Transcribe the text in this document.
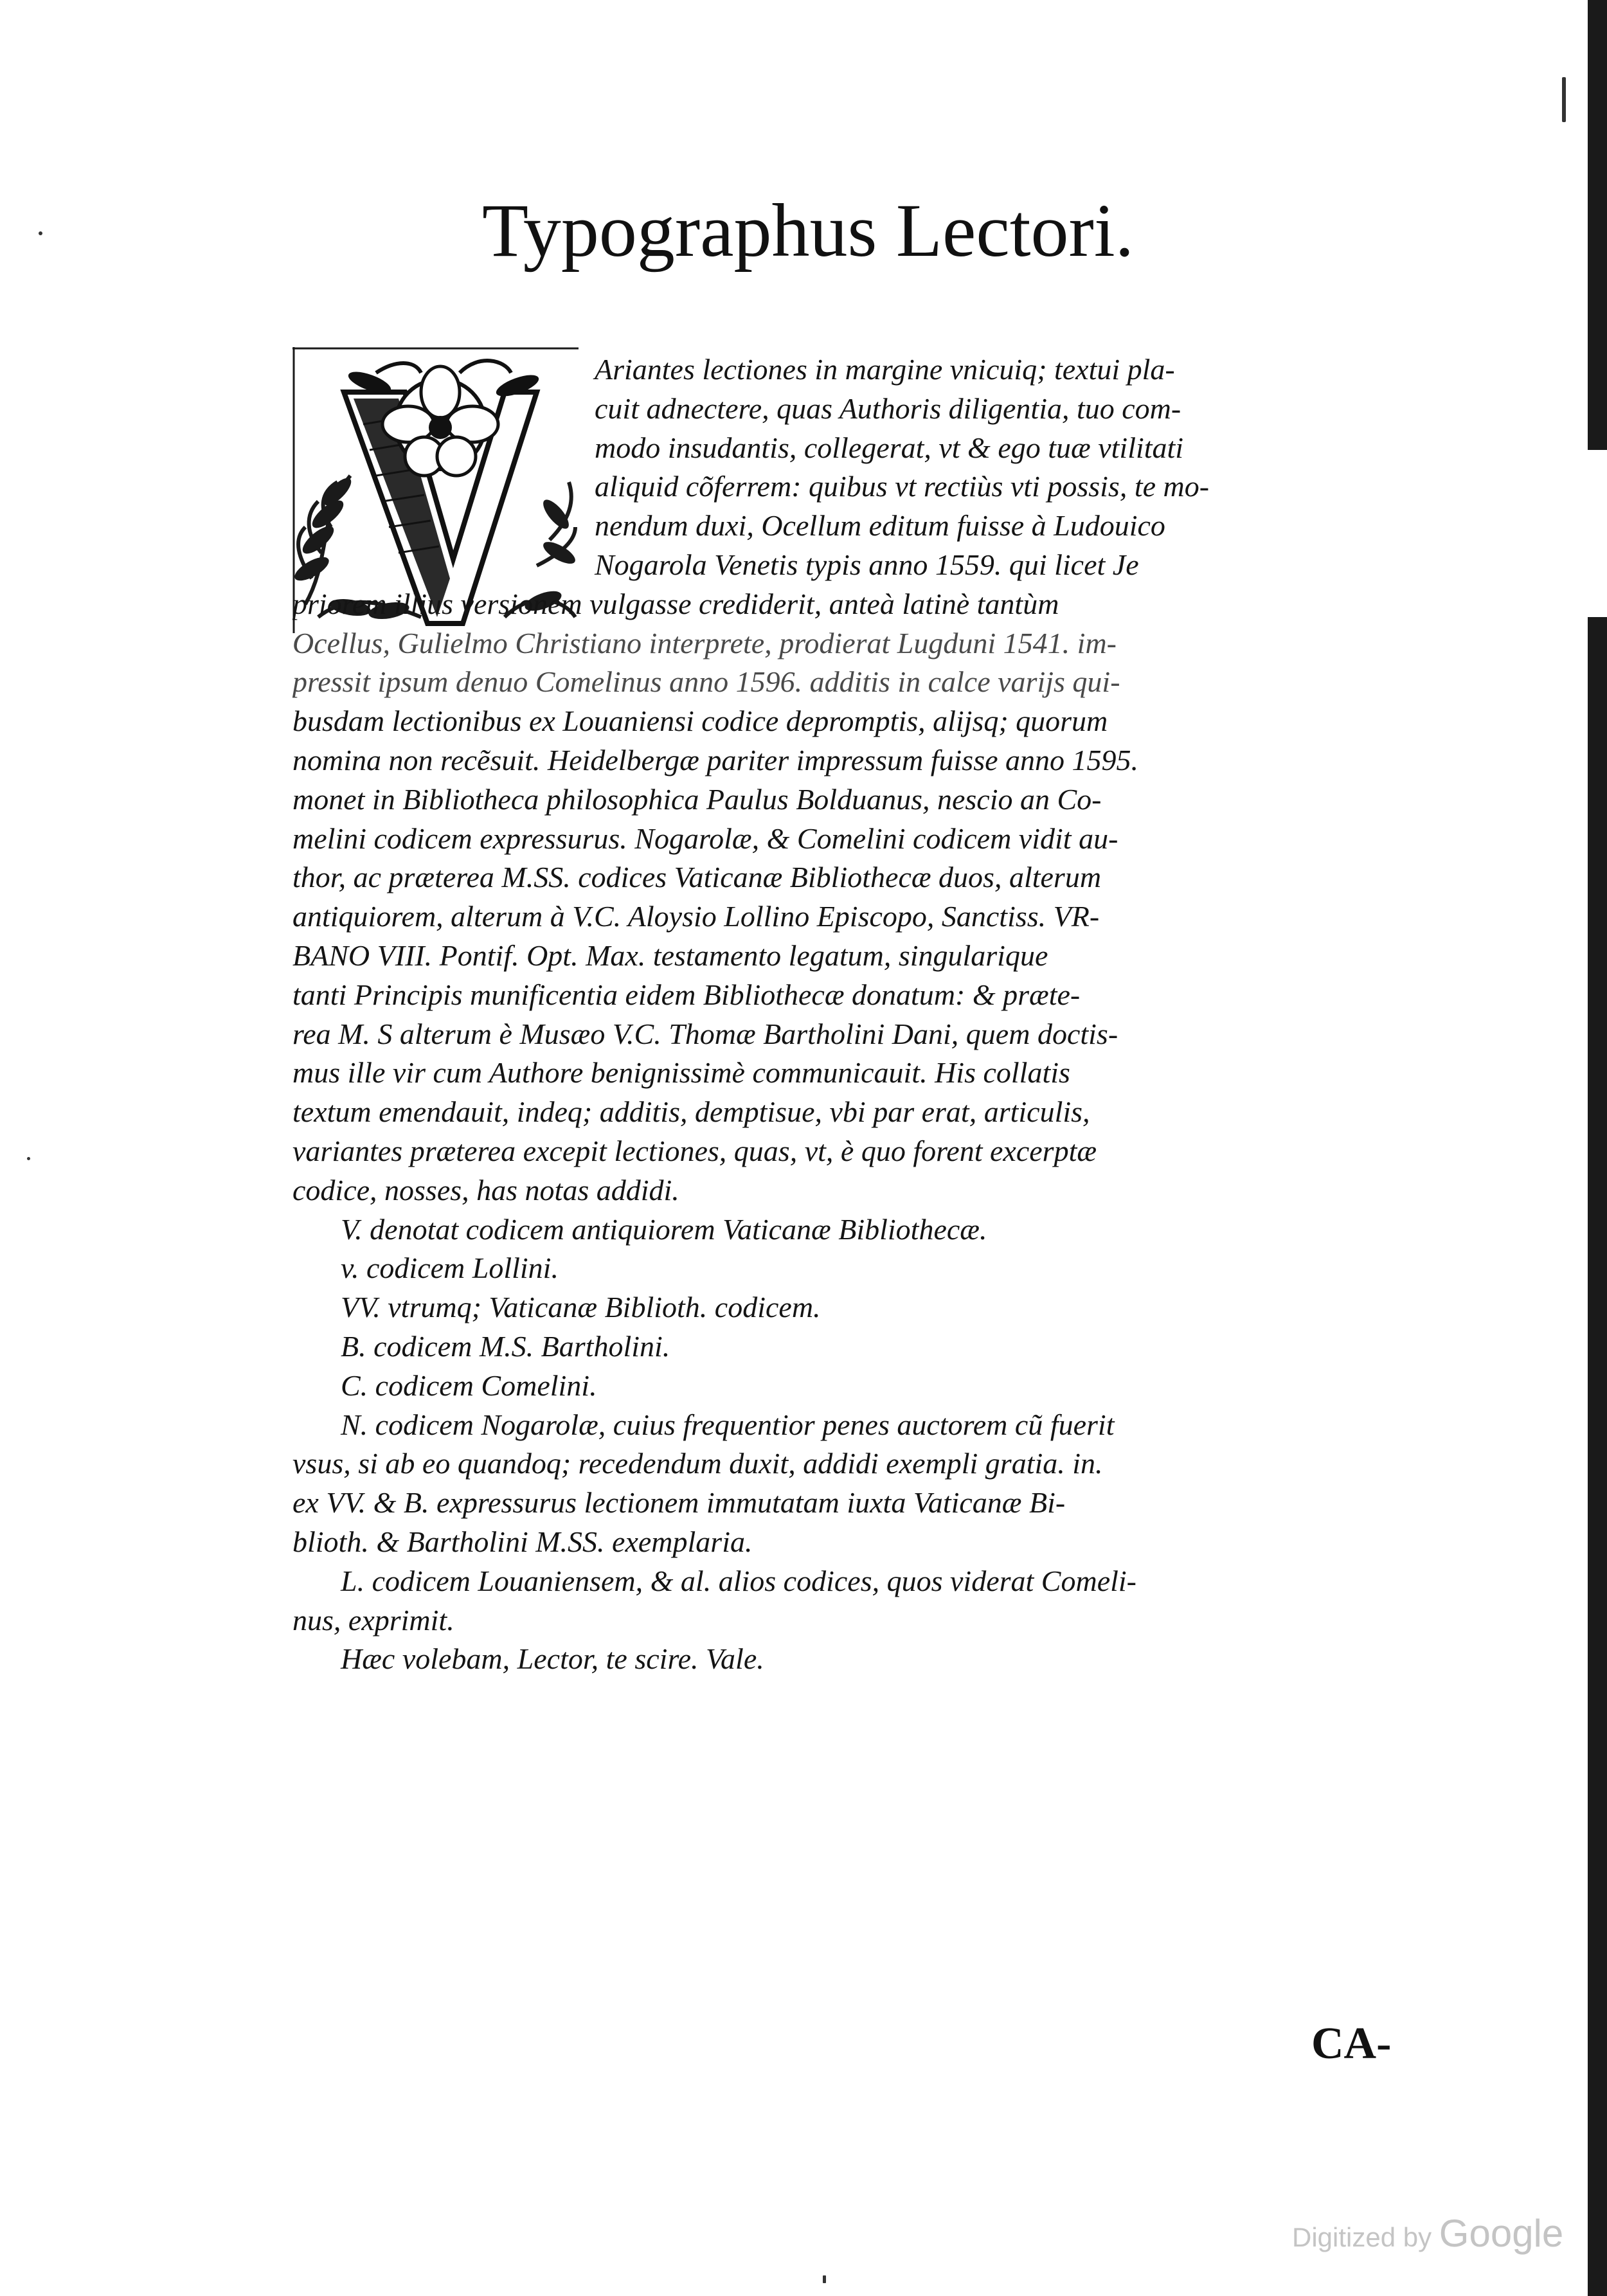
Typographus Lectori.
Ariantes lectiones in margine vnicuiq; textui pla-
cuit adnectere, quas Authoris diligentia, tuo com-
modo insudantis, collegerat, vt & ego tuæ vtilitati
aliquid cõferrem: quibus vt rectiùs vti possis, te mo-
nendum duxi, Ocellum editum fuisse à Ludouico
Nogarola Venetis typis anno 1559. qui licet Je
priorem illius versionem vulgasse crediderit, anteà latinè tantùm
Ocellus, Gulielmo Christiano interprete, prodierat Lugduni 1541. im-
pressit ipsum denuo Comelinus anno 1596. additis in calce varijs qui-
busdam lectionibus ex Louaniensi codice depromptis, alijsq; quorum
nomina non recẽsuit. Heidelbergæ pariter impressum fuisse anno 1595.
monet in Bibliotheca philosophica Paulus Bolduanus, nescio an Co-
melini codicem expressurus. Nogarolæ, & Comelini codicem vidit au-
thor, ac præterea M.SS. codices Vaticanæ Bibliothecæ duos, alterum
antiquiorem, alterum à V.C. Aloysio Lollino Episcopo, Sanctiss. VR-
BANO VIII. Pontif. Opt. Max. testamento legatum, singularique
tanti Principis munificentia eidem Bibliothecæ donatum: & præte-
rea M. S alterum è Musæo V.C. Thomæ Bartholini Dani, quem doctis-
mus ille vir cum Authore benignissimè communicauit. His collatis
textum emendauit, indeq; additis, demptisue, vbi par erat, articulis,
variantes præterea excepit lectiones, quas, vt, è quo forent excerptæ
codice, nosses, has notas addidi.
V. denotat codicem antiquiorem Vaticanæ Bibliothecæ.
v. codicem Lollini.
VV. vtrumq; Vaticanæ Biblioth. codicem.
B. codicem M.S. Bartholini.
C. codicem Comelini.
N. codicem Nogarolæ, cuius frequentior penes auctorem cũ fuerit
vsus, si ab eo quandoq; recedendum duxit, addidi exempli gratia. in.
ex VV. & B. expressurus lectionem immutatam iuxta Vaticanæ Bi-
blioth. & Bartholini M.SS. exemplaria.
L. codicem Louaniensem, & al. alios codices, quos viderat Comeli-
nus, exprimit.
Hæc volebam, Lector, te scire. Vale.
CA-
Digitized by Google
